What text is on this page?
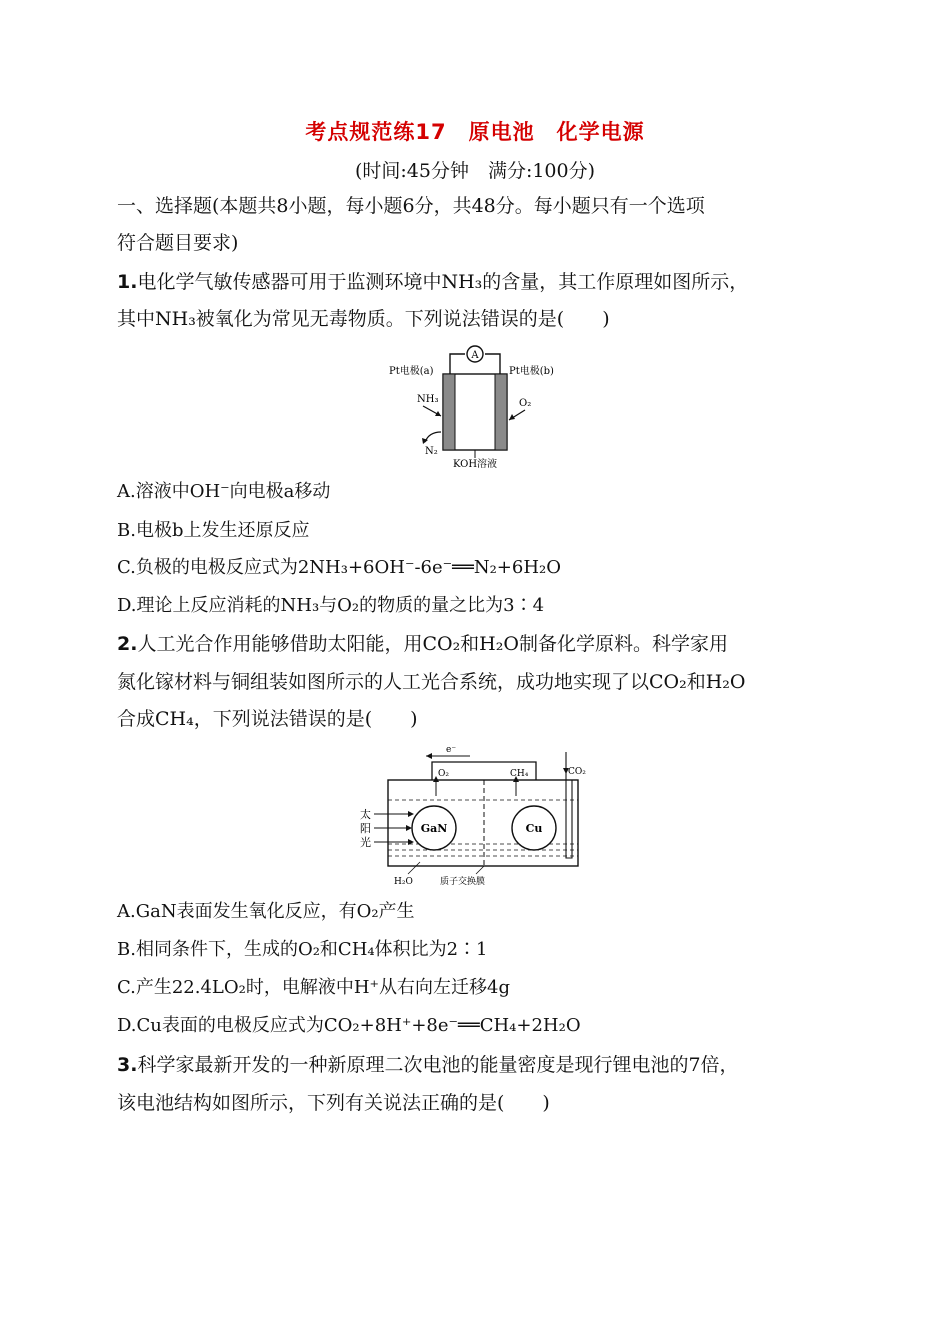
考点规范练17　原电池　化学电源
(时间:45分钟　满分:100分)
一、选择题(本题共8小题，每小题6分，共48分。每小题只有一个选项
符合题目要求)
1.电化学气敏传感器可用于监测环境中NH₃的含量，其工作原理如图所示，
其中NH₃被氧化为常见无毒物质。下列说法错误的是(　　)
A
Pt电极(a)	Pt电极(b)
NH₃
N₂
O₂
KOH溶液
A.溶液中OH⁻向电极a移动
B.电极b上发生还原反应
C.负极的电极反应式为2NH₃+6OH⁻-6e⁻══N₂+6H₂O
D.理论上反应消耗的NH₃与O₂的物质的量之比为3∶4
2.人工光合作用能够借助太阳能，用CO₂和H₂O制备化学原料。科学家用
氮化镓材料与铜组装如图所示的人工光合系统，成功地实现了以CO₂和H₂O
合成CH₄，下列说法错误的是(　　)
e⁻
CO₂
O₂	CH₄
GaN	Cu
太
阳
光
H₂O	质子交换膜
A.GaN表面发生氧化反应，有O₂产生
B.相同条件下，生成的O₂和CH₄体积比为2∶1
C.产生22.4LO₂时，电解液中H⁺从右向左迁移4g
D.Cu表面的电极反应式为CO₂+8H⁺+8e⁻══CH₄+2H₂O
3.科学家最新开发的一种新原理二次电池的能量密度是现行锂电池的7倍，
该电池结构如图所示，下列有关说法正确的是(　　)
